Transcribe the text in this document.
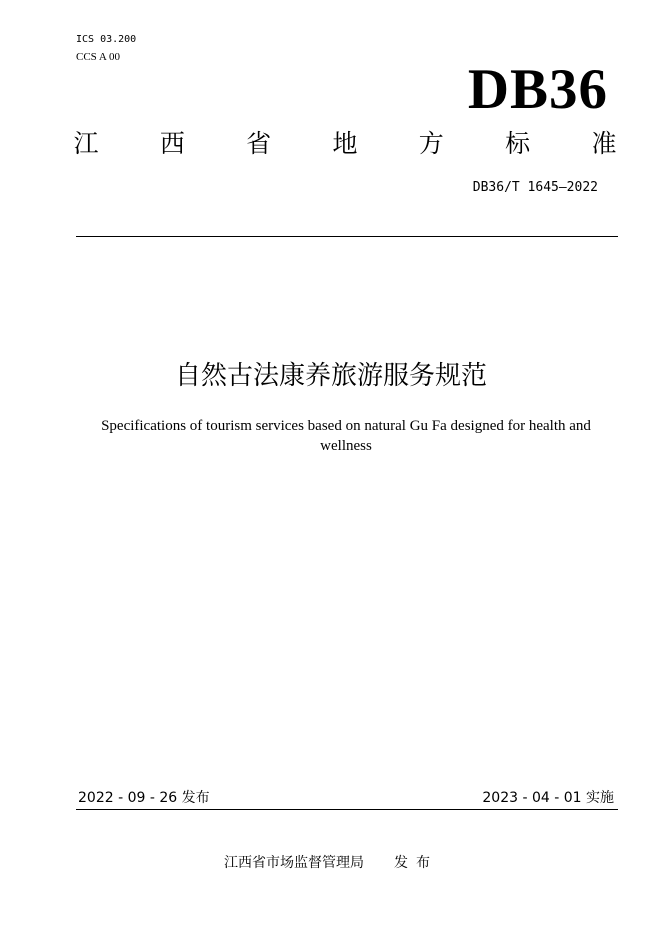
ICS 03.200
CCS A 00
DB36
江 西 省 地 方 标 准
DB36/T 1645—2022
自然古法康养旅游服务规范
Specifications of tourism services based on natural Gu Fa designed for health and wellness
2022 - 09 - 26 发布	2023 - 04 - 01 实施
江西省市场监督管理局 发布
